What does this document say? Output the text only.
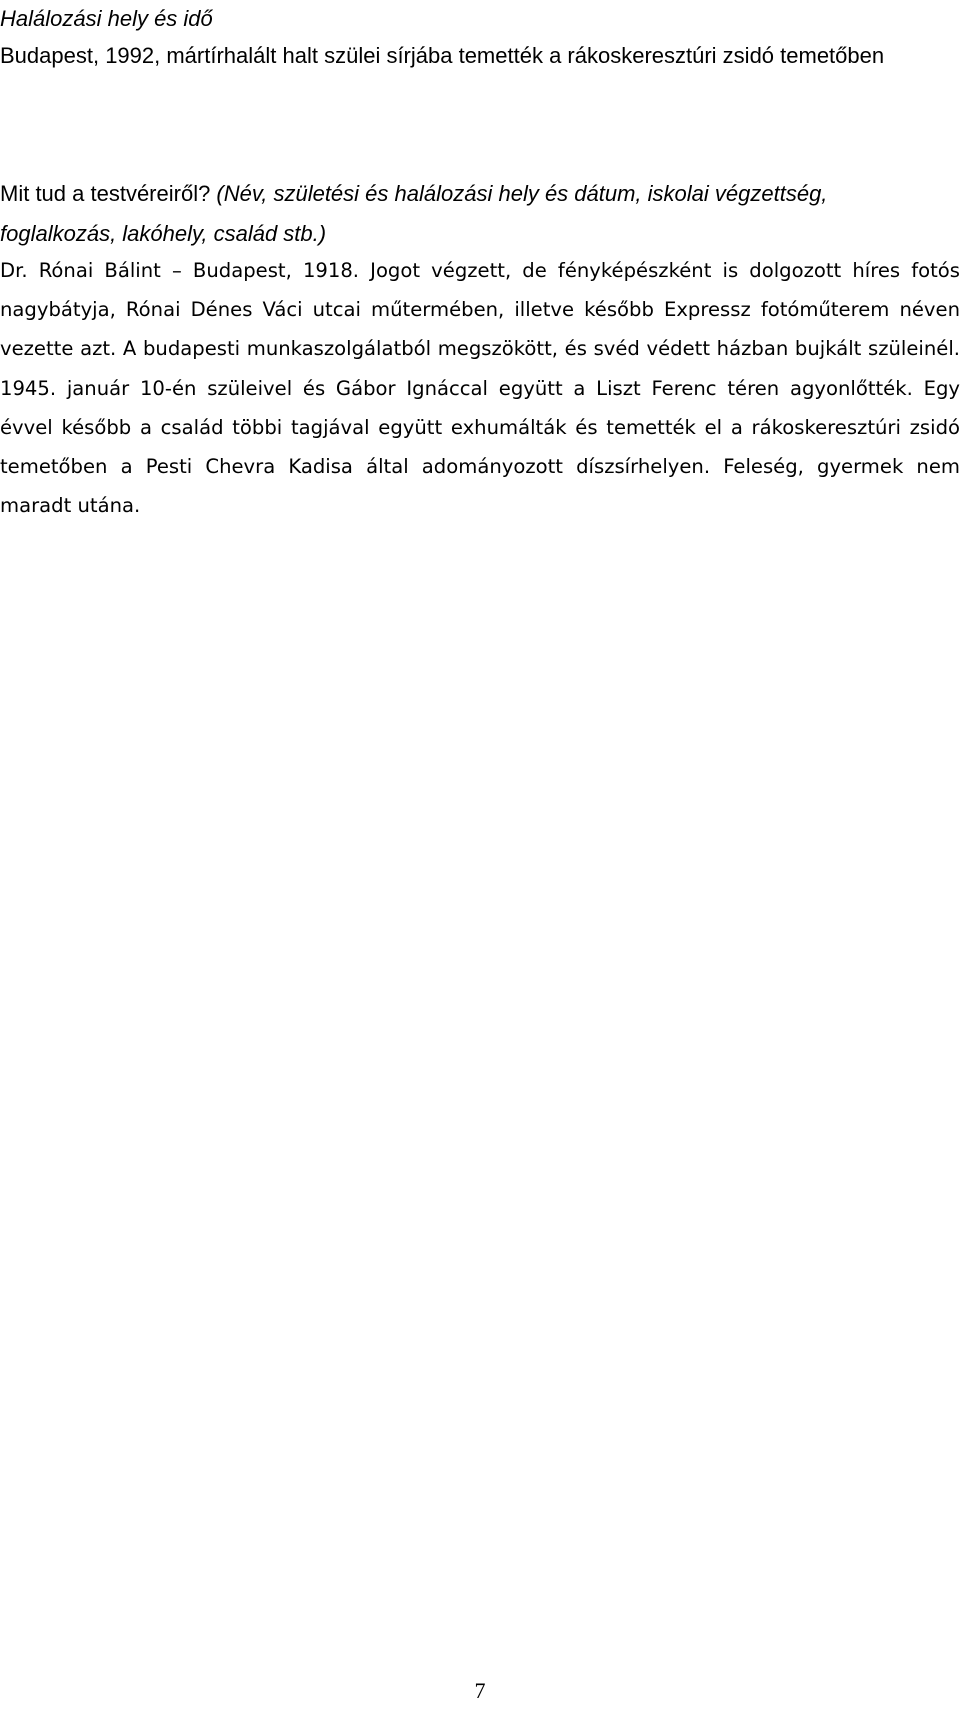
Halálozási hely és idő

Budapest, 1992, mártírhalált halt szülei sírjába temették a rákoskeresztúri zsidó temetőben

Mit tud a testvéreiről? (Név, születési és halálozási hely és dátum, iskolai végzettség, foglalkozás, lakóhely, család stb.)

Dr. Rónai Bálint – Budapest, 1918. Jogot végzett, de fényképészként is dolgozott híres fotós nagybátyja, Rónai Dénes Váci utcai műtermében, illetve később Expressz fotóműterem néven vezette azt. A budapesti munkaszolgálatból megszökött, és svéd védett házban bujkált szüleinél. 1945. január 10-én szüleivel és Gábor Ignáccal együtt a Liszt Ferenc téren agyonlőtték. Egy évvel később a család többi tagjával együtt exhumálták és temették el a rákoskeresztúri zsidó temetőben a Pesti Chevra Kadisa által adományozott díszsírhelyen. Feleség, gyermek nem maradt utána.

7
